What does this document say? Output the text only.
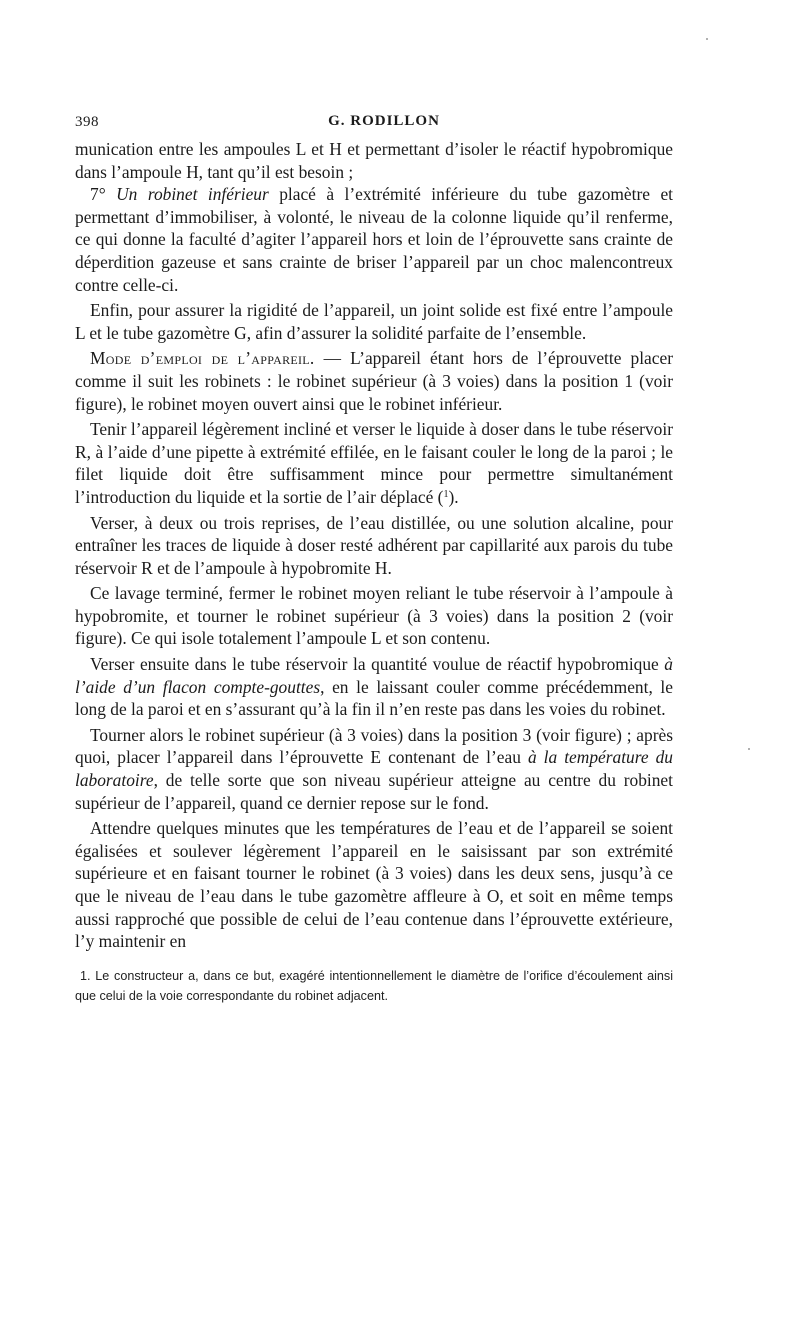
398	G. RODILLON

munication entre les ampoules L et H et permettant d’isoler le réactif hypobromique dans l’ampoule H, tant qu’il est besoin ;

7° Un robinet inférieur placé à l’extrémité inférieure du tube gazomètre et permettant d’immobiliser, à volonté, le niveau de la colonne liquide qu’il renferme, ce qui donne la faculté d’agiter l’appareil hors et loin de l’éprouvette sans crainte de déperdition gazeuse et sans crainte de briser l’appareil par un choc malencontreux contre celle-ci.

Enfin, pour assurer la rigidité de l’appareil, un joint solide est fixé entre l’ampoule L et le tube gazomètre G, afin d’assurer la solidité parfaite de l’ensemble.

Mode d’emploi de l’appareil. — L’appareil étant hors de l’éprouvette placer comme il suit les robinets : le robinet supérieur (à 3 voies) dans la position 1 (voir figure), le robinet moyen ouvert ainsi que le robinet inférieur.

Tenir l’appareil légèrement incliné et verser le liquide à doser dans le tube réservoir R, à l’aide d’une pipette à extrémité effilée, en le faisant couler le long de la paroi ; le filet liquide doit être suffisamment mince pour permettre simultanément l’introduction du liquide et la sortie de l’air déplacé ($^1$).

Verser, à deux ou trois reprises, de l’eau distillée, ou une solution alcaline, pour entraîner les traces de liquide à doser resté adhérent par capillarité aux parois du tube réservoir R et de l’ampoule à hypobromite H.

Ce lavage terminé, fermer le robinet moyen reliant le tube réservoir à l’ampoule à hypobromite, et tourner le robinet supérieur (à 3 voies) dans la position 2 (voir figure). Ce qui isole totalement l’ampoule L et son contenu.

Verser ensuite dans le tube réservoir la quantité voulue de réactif hypobromique à l’aide d’un flacon compte-gouttes, en le laissant couler comme précédemment, le long de la paroi et en s’assurant qu’à la fin il n’en reste pas dans les voies du robinet.

Tourner alors le robinet supérieur (à 3 voies) dans la position 3 (voir figure) ; après quoi, placer l’appareil dans l’éprouvette E contenant de l’eau à la température du laboratoire, de telle sorte que son niveau supérieur atteigne au centre du robinet supérieur de l’appareil, quand ce dernier repose sur le fond.

Attendre quelques minutes que les températures de l’eau et de l’appareil se soient égalisées et soulever légèrement l’appareil en le saisissant par son extrémité supérieure et en faisant tourner le robinet (à 3 voies) dans les deux sens, jusqu’à ce que le niveau de l’eau dans le tube gazomètre affleure à O, et soit en même temps aussi rapproché que possible de celui de l’eau contenue dans l’éprouvette extérieure, l’y maintenir en

1. Le constructeur a, dans ce but, exagéré intentionnellement le diamètre de l’orifice d’écoulement ainsi que celui de la voie correspondante du robinet adjacent.
